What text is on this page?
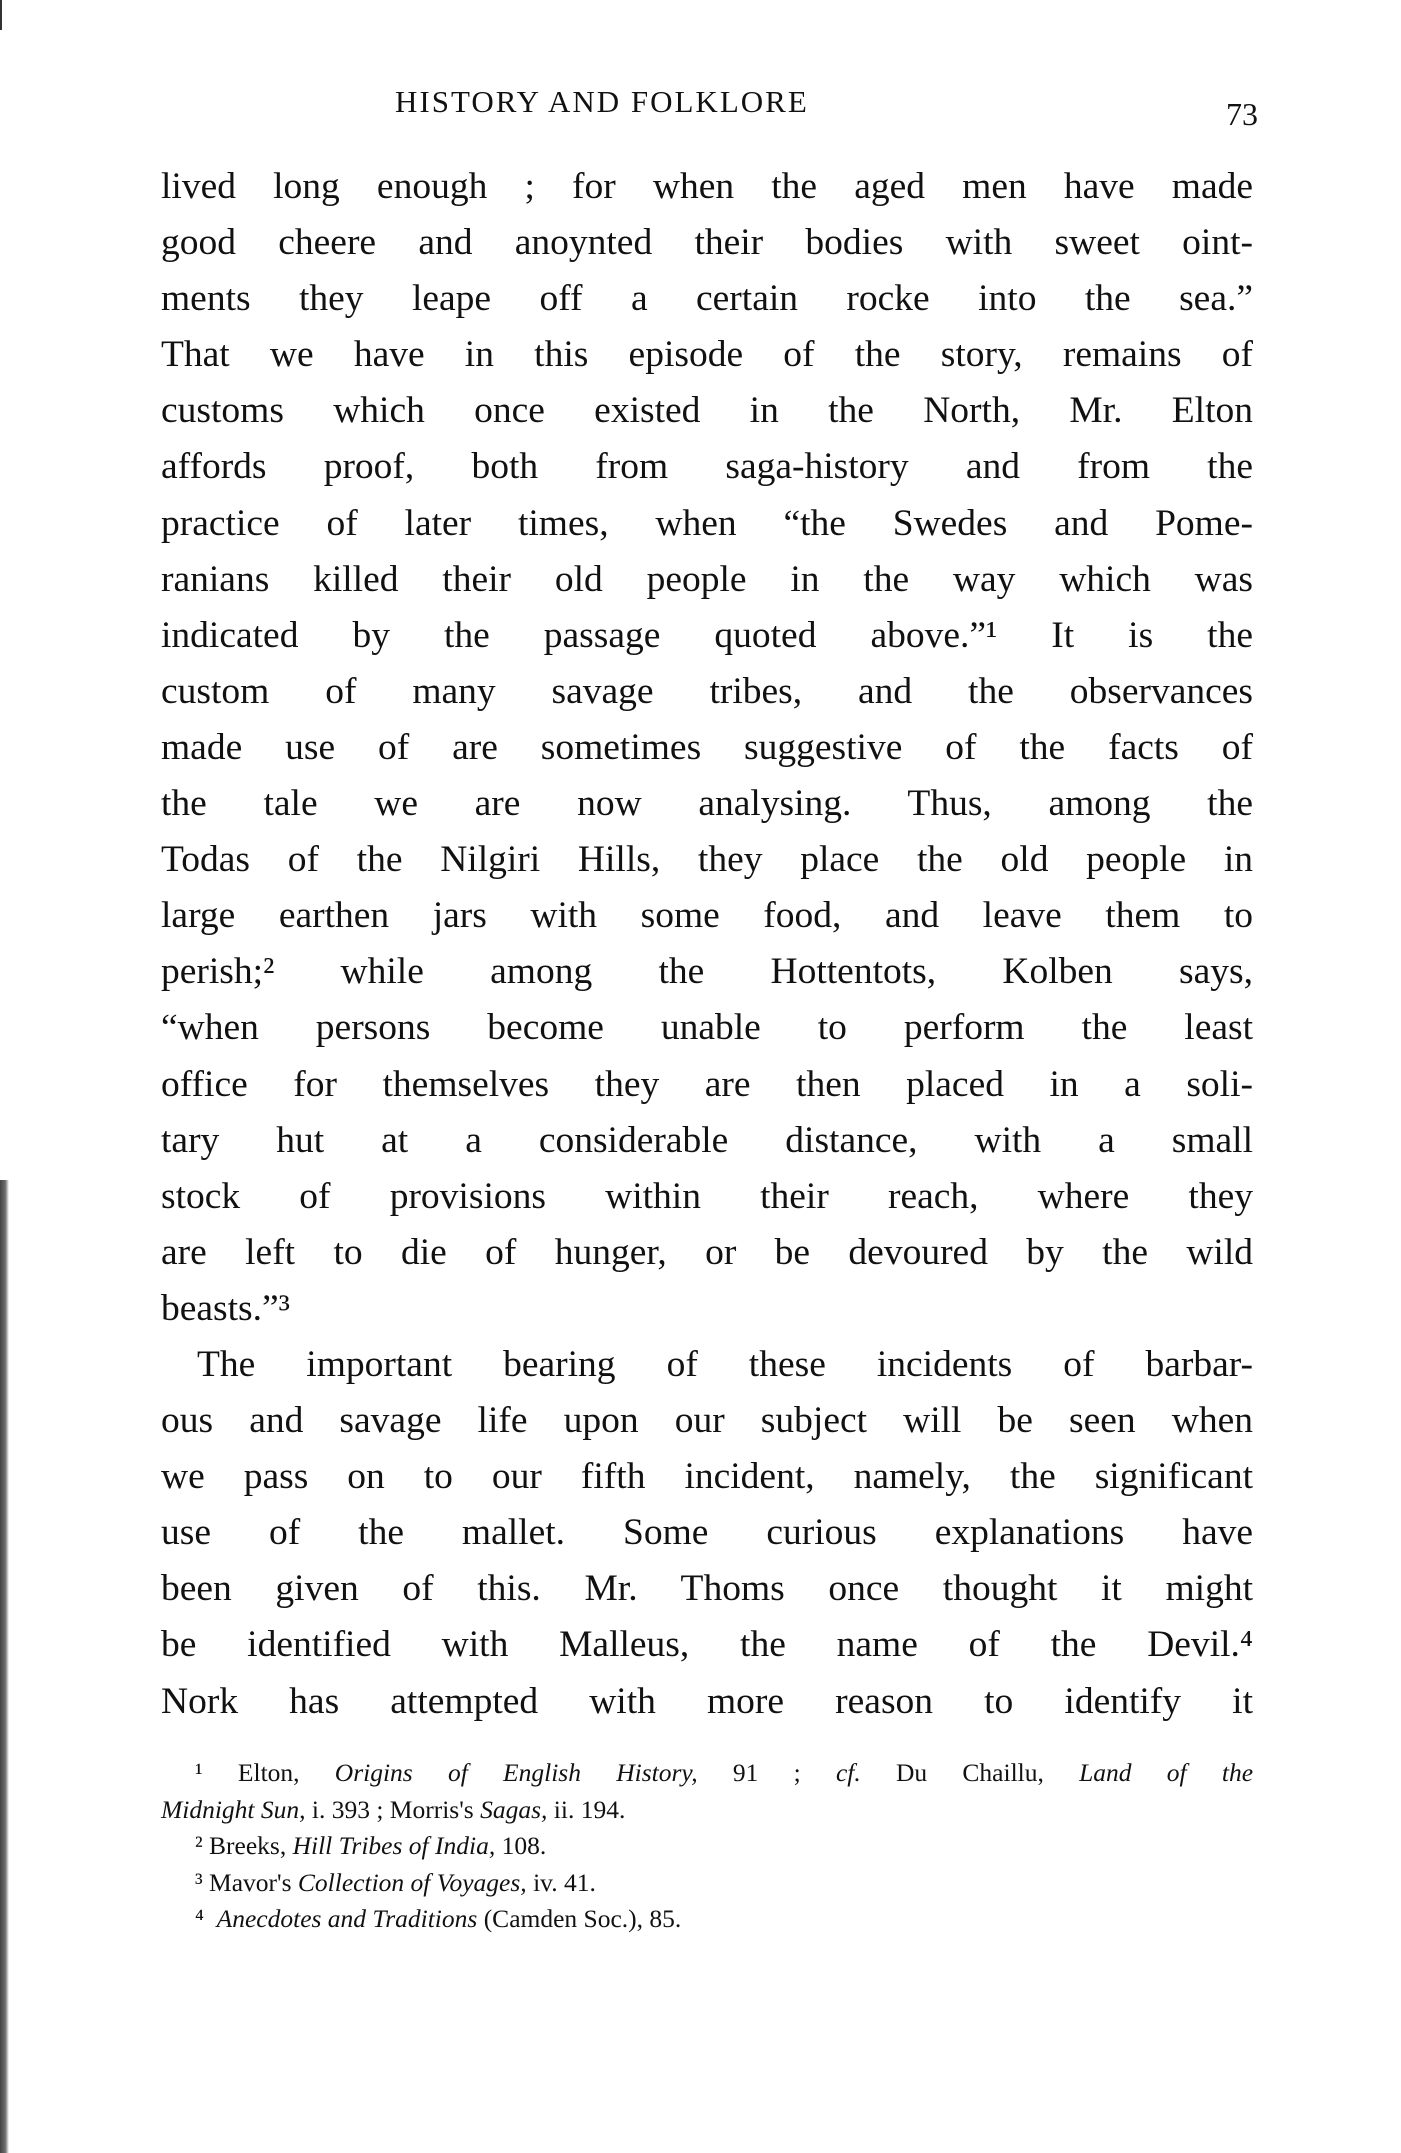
HISTORY AND FOLKLORE	73
lived long enough ; for when the aged men have made
good cheere and anoynted their bodies with sweet oint-
ments they leape off a certain rocke into the sea.”
That we have in this episode of the story, remains of
customs which once existed in the North, Mr. Elton
affords proof, both from saga-history and from the
practice of later times, when “the Swedes and Pome-
ranians killed their old people in the way which was
indicated by the passage quoted above.”¹ It is the
custom of many savage tribes, and the observances
made use of are sometimes suggestive of the facts of
the tale we are now analysing. Thus, among the
Todas of the Nilgiri Hills, they place the old people in
large earthen jars with some food, and leave them to
perish;² while among the Hottentots, Kolben says,
“when persons become unable to perform the least
office for themselves they are then placed in a soli-
tary hut at a considerable distance, with a small
stock of provisions within their reach, where they
are left to die of hunger, or be devoured by the wild
beasts.”³
The important bearing of these incidents of barbar-
ous and savage life upon our subject will be seen when
we pass on to our fifth incident, namely, the significant
use of the mallet. Some curious explanations have
been given of this. Mr. Thoms once thought it might
be identified with Malleus, the name of the Devil.⁴
Nork has attempted with more reason to identify it
¹ Elton, Origins of English History, 91 ; cf. Du Chaillu, Land of the
Midnight Sun, i. 393 ; Morris's Sagas, ii. 194.
² Breeks, Hill Tribes of India, 108.
³ Mavor's Collection of Voyages, iv. 41.
⁴ Anecdotes and Traditions (Camden Soc.), 85.
